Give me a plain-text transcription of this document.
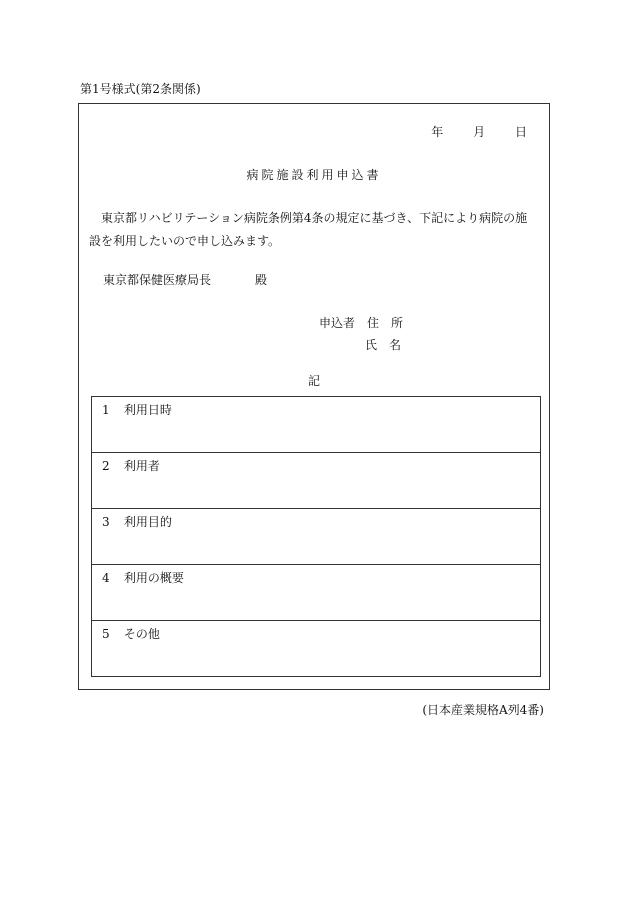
第1号様式(第2条関係)
年 月 日
病院施設利用申込書
東京都リハビリテーション病院条例第4条の規定に基づき、下記により病院の施設を利用したいので申し込みます。
東京都保健医療局長	殿
申込者　住　所
氏　名
記
1 利用日時
2 利用者
3 利用目的
4 利用の概要
5 その他
(日本産業規格A列4番)
